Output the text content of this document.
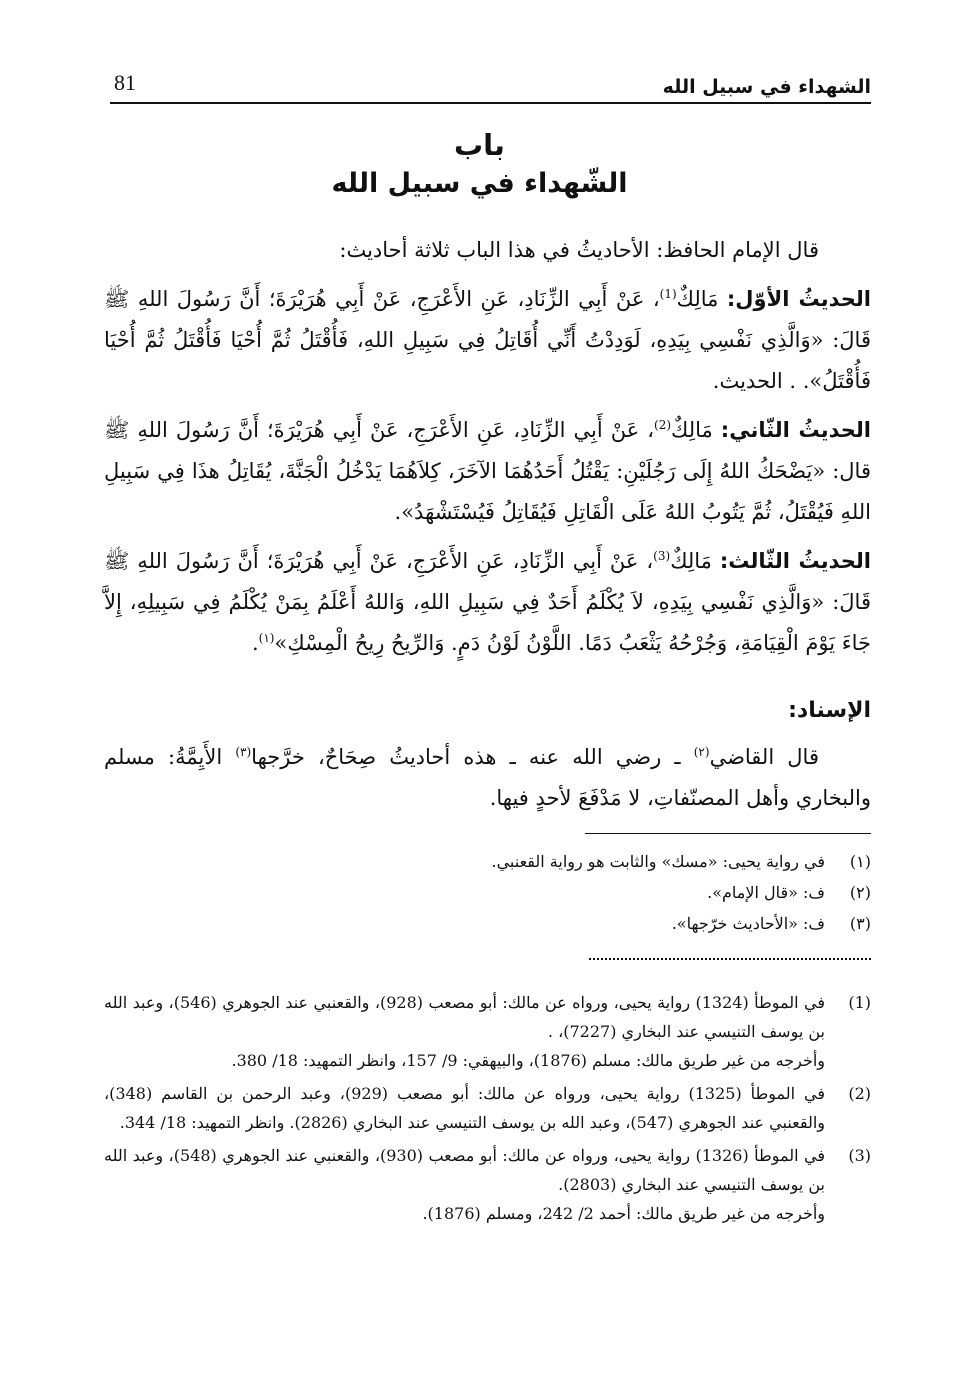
الشهداء في سبيل الله
81
باب
الشّهداء في سبيل الله

قال الإمام الحافظ: الأحاديثُ في هذا الباب ثلاثة أحاديث:

الحديثُ الأوّل: مَالِكٌ$^{(1)}$، عَنْ أَبِي الزِّنَادِ، عَنِ الأَعْرَجِ، عَنْ أَبِي هُرَيْرَةَ؛ أَنَّ رَسُولَ اللهِ ﷺ قَالَ: «وَالَّذِي نَفْسِي بِيَدِهِ، لَوَدِدْتُ أَنِّي أُقَاتِلُ فِي سَبِيلِ اللهِ، فَأُقْتَلُ ثُمَّ أُحْيَا فَأُقْتَلُ ثُمَّ أُحْيَا فَأُقْتَلُ». . الحديث.

الحديثُ الثّاني: مَالِكٌ$^{(2)}$، عَنْ أَبِي الزِّنَادِ، عَنِ الأَعْرَجِ، عَنْ أَبِي هُرَيْرَةَ؛ أَنَّ رَسُولَ اللهِ ﷺ قال: «يَضْحَكُ اللهُ إِلَى رَجُلَيْنِ: يَقْتُلُ أَحَدُهُمَا الآخَرَ، كِلاَهُمَا يَدْخُلُ الْجَنَّةَ، يُقَاتِلُ هذَا فِي سَبِيلِ اللهِ فَيُقْتَلُ، ثُمَّ يَتُوبُ اللهُ عَلَى الْقَاتِلِ فَيُقَاتِلُ فَيُسْتَشْهَدُ».

الحديثُ الثّالث: مَالِكٌ$^{(3)}$، عَنْ أَبِي الزِّنَادِ، عَنِ الأَعْرَجِ، عَنْ أَبِي هُرَيْرَةَ؛ أَنَّ رَسُولَ اللهِ ﷺ قَالَ: «وَالَّذِي نَفْسِي بِيَدِهِ، لاَ يُكْلَمُ أَحَدٌ فِي سَبِيلِ اللهِ، وَاللهُ أَعْلَمُ بِمَنْ يُكْلَمُ فِي سَبِيلِهِ، إِلاَّ جَاءَ يَوْمَ الْقِيَامَةِ، وَجُرْحُهُ يَثْعَبُ دَمًا. اللَّوْنُ لَوْنُ دَمٍ. وَالرِّيحُ رِيحُ الْمِسْكِ»$^{(١)}$.

الإسناد:

قال القاضي$^{(٢)}$ ـ رضي الله عنه ـ هذه أحاديثُ صِحَاحٌ، خرَّجها$^{(٣)}$ الأَيِمَّةُ: مسلم والبخاري وأهل المصنّفاتِ، لا مَدْفَعَ لأحدٍ فيها.

(١)
في رواية يحيى: «مسك» والثابت هو رواية القعنبي.
(٢)
ف: «قال الإمام».
(٣)
ف: «الأحاديث خرّجها».
(1)

في الموطأ (1324) رواية يحيى، ورواه عن مالك: أبو مصعب (928)، والقعنبي عند الجوهري (546)، وعبد الله بن يوسف التنيسي عند البخاري (7227)، .

وأخرجه من غير طريق مالك: مسلم (1876)، والبيهقي: 9/ 157، وانظر التمهيد: 18/ 380.

(2)

في الموطأ (1325) رواية يحيى، ورواه عن مالك: أبو مصعب (929)، وعبد الرحمن بن القاسم (348)، والقعنبي عند الجوهري (547)، وعبد الله بن يوسف التنيسي عند البخاري (2826). وانظر التمهيد: 18/ 344.

(3)

في الموطأ (1326) رواية يحيى، ورواه عن مالك: أبو مصعب (930)، والقعنبي عند الجوهري (548)، وعبد الله بن يوسف التنيسي عند البخاري (2803).

وأخرجه من غير طريق مالك: أحمد 2/ 242، ومسلم (1876).
